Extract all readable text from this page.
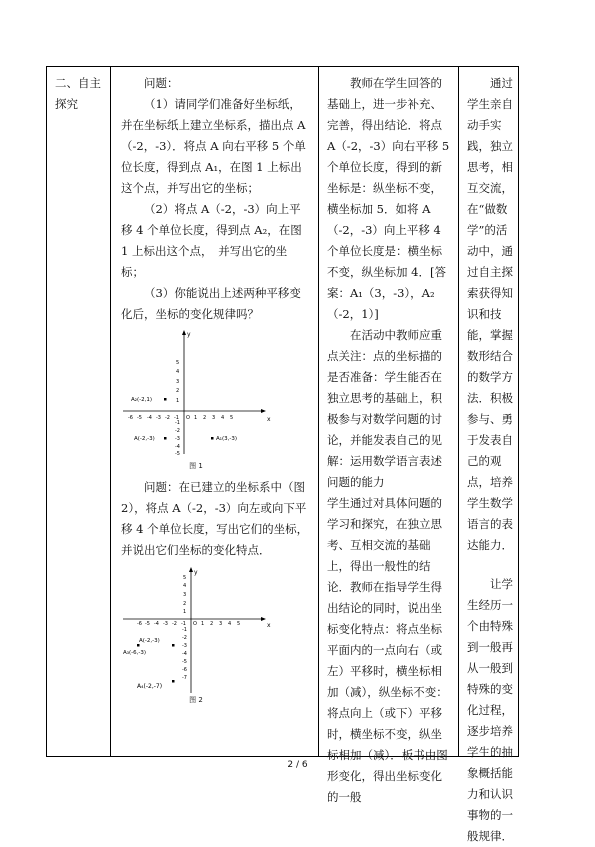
二、自主探究

问题：

（1）请同学们准备好坐标纸，并在坐标纸上建立坐标系，描出点 A（-2，-3）．将点 A 向右平移 5 个单位长度，得到点 A₁，在图 1 上标出这个点，并写出它的坐标；

（2）将点 A（-2，-3）向上平移 4 个单位长度，得到点 A₂，在图 1 上标出这个点，　并写出它的坐标；

（3）你能说出上述两种平移变化后，坐标的变化规律吗？

x
y
-6 -5 -4 -3 -2 -1 O 1 2 3 4 5
5
4
3
2
1
-1
-2
-3
-4
-5
A₂(-2,1)
A(-2,-3)	A₁(3,-3)
图 1

问题：在已建立的坐标系中（图 2），将点 A（-2，-3）向左或向下平移 4 个单位长度，写出它们的坐标，并说出它们坐标的变化特点．

x
y
-6 -5 -4 -3 -2 -1 O 1 2 3 4 5
5
4
3
2
1
-1
-2
-3
-4
-5
-6
-7
A(-2,-3)
A₃(-6,-3)
A₄(-2,-7)
图 2

教师在学生回答的基础上，进一步补充、完善，得出结论．将点 A（-2，-3）向右平移 5 个单位长度，得到的新坐标是：纵坐标不变，横坐标加 5．如将 A（-2，-3）向上平移 4 个单位长度是：横坐标不变，纵坐标加 4．[答案：A₁（3，-3），A₂（-2，1）]

在活动中教师应重点关注：点的坐标描的是否准备：学生能否在独立思考的基础上，积极参与对数学问题的讨论，并能发表自己的见解：运用数学语言表述问题的能力

学生通过对具体问题的学习和探究，在独立思考、互相交流的基础上，得出一般性的结论．教师在指导学生得出结论的同时，说出坐标变化特点：将点坐标平面内的一点向右（或左）平移时，横坐标相加（减），纵坐标不变：将点向上（或下）平移时，横坐标不变，纵坐标相加（减）．板书由图形变化，得出坐标变化的一般

通过学生亲自动手实践，独立思考，相互交流，在“做数学”的活动中，通过自主探索获得知识和技能，掌握数形结合的数学方法．积极参与、勇于发表自己的观点，培养学生数学语言的表达能力．

让学生经历一个由特殊到一般再从一般到特殊的变化过程，逐步培养学生的抽象概括能力和认识事物的一般规律．

2 / 6
